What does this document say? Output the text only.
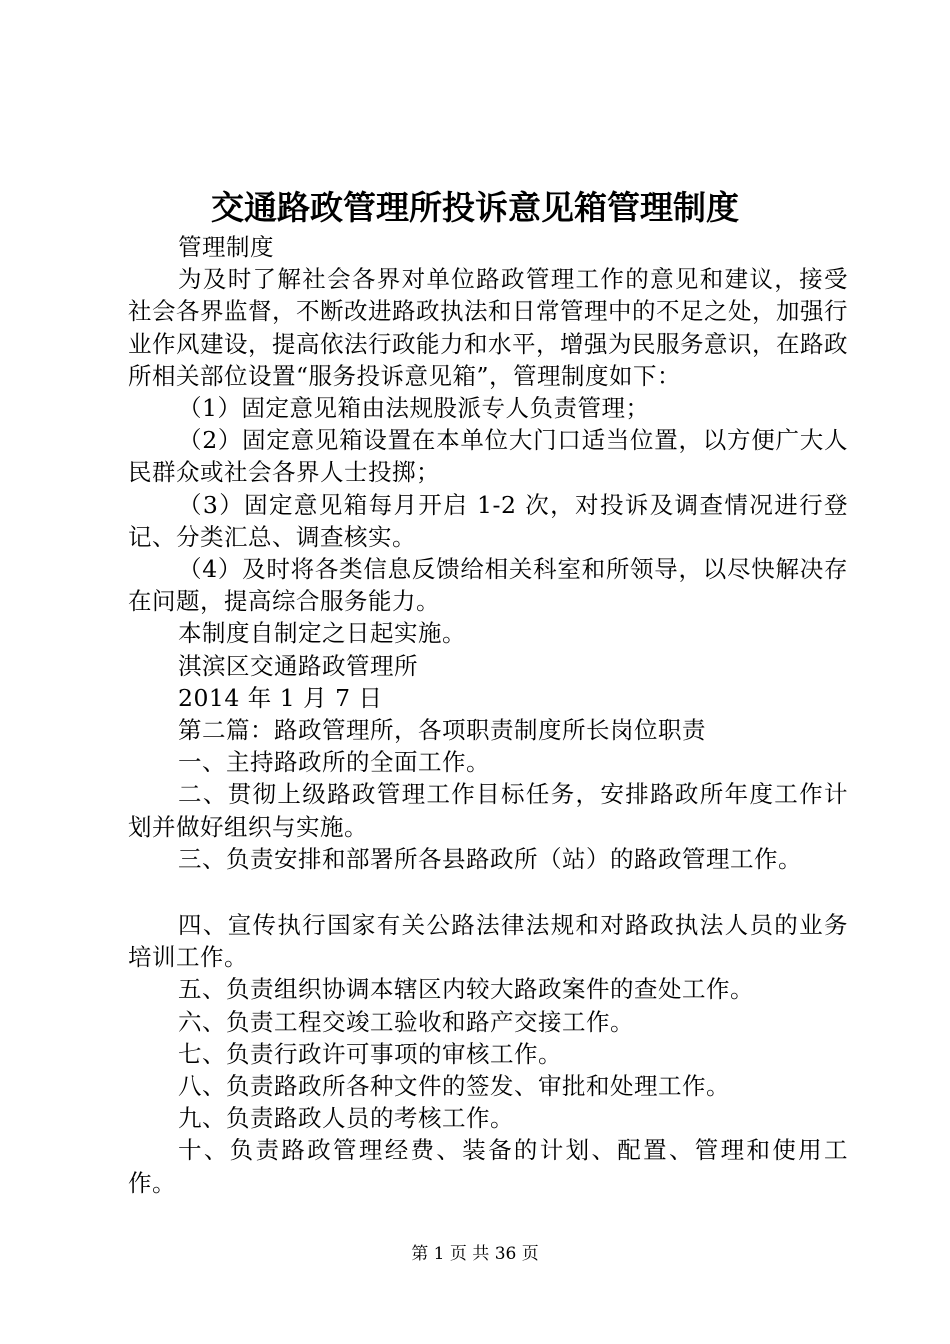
交通路政管理所投诉意见箱管理制度

管理制度

为及时了解社会各界对单位路政管理工作的意见和建议，接受社会各界监督，不断改进路政执法和日常管理中的不足之处，加强行业作风建设，提高依法行政能力和水平，增强为民服务意识，在路政所相关部位设置“服务投诉意见箱”，管理制度如下：

（1）固定意见箱由法规股派专人负责管理；

（2）固定意见箱设置在本单位大门口适当位置，以方便广大人民群众或社会各界人士投掷；

（3）固定意见箱每月开启 1-2 次，对投诉及调查情况进行登记、分类汇总、调查核实。

（4）及时将各类信息反馈给相关科室和所领导，以尽快解决存在问题，提高综合服务能力。

本制度自制定之日起实施。

淇滨区交通路政管理所

2014 年 1 月 7 日

第二篇：路政管理所，各项职责制度所长岗位职责

一、主持路政所的全面工作。

二、贯彻上级路政管理工作目标任务，安排路政所年度工作计划并做好组织与实施。

三、负责安排和部署所各县路政所（站）的路政管理工作。

四、宣传执行国家有关公路法律法规和对路政执法人员的业务培训工作。

五、负责组织协调本辖区内较大路政案件的查处工作。

六、负责工程交竣工验收和路产交接工作。

七、负责行政许可事项的审核工作。

八、负责路政所各种文件的签发、审批和处理工作。

九、负责路政人员的考核工作。

十、负责路政管理经费、装备的计划、配置、管理和使用工作。

第 1 页 共 36 页
